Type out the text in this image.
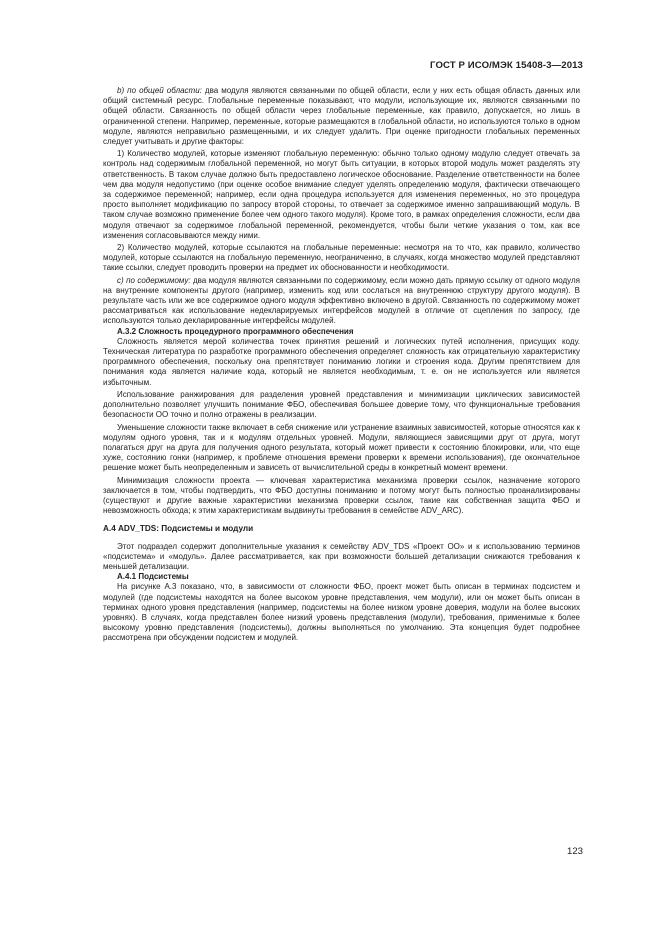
ГОСТ Р ИСО/МЭК 15408-3—2013

b) по общей области: два модуля являются связанными по общей области, если у них есть общая область данных или общий системный ресурс. Глобальные переменные показывают, что модули, использующие их, являются связанными по общей области. Связанность по общей области через глобальные переменные, как правило, допускается, но лишь в ограниченной степени. Например, переменные, которые размещаются в глобальной области, но используются только в одном модуле, являются неправильно размещенными, и их следует удалить. При оценке пригодности глобальных переменных следует учитывать и другие факторы:

1) Количество модулей, которые изменяют глобальную переменную: обычно только одному модулю следует отвечать за контроль над содержимым глобальной переменной, но могут быть ситуации, в которых второй модуль может разделять эту ответственность. В таком случае должно быть предоставлено логическое обоснование. Разделение ответственности на более чем два модуля недопустимо (при оценке особое внимание следует уделять определению модуля, фактически отвечающего за содержимое переменной; например, если одна процедура используется для изменения переменных, но это процедура просто выполняет модификацию по запросу второй стороны, то отвечает за содержимое именно запрашивающий модуль. В таком случае возможно применение более чем одного такого модуля). Кроме того, в рамках определения сложности, если два модуля отвечают за содержимое глобальной переменной, рекомендуется, чтобы были четкие указания о том, как все изменения согласовываются между ними.

2) Количество модулей, которые ссылаются на глобальные переменные: несмотря на то что, как правило, количество модулей, которые ссылаются на глобальную переменную, неограниченно, в случаях, когда множество модулей представляют такие ссылки, следует проводить проверки на предмет их обоснованности и необходимости.

c) по содержимому: два модуля являются связанными по содержимому, если можно дать прямую ссылку от одного модуля на внутренние компоненты другого (например, изменить код или сослаться на внутреннюю структуру другого модуля). В результате часть или же все содержимое одного модуля эффективно включено в другой. Связанность по содержимому может рассматриваться как использование недекларируемых интерфейсов модулей в отличие от сцепления по запросу, где используются только декларированные интерфейсы модулей.

А.3.2 Сложность процедурного программного обеспечения

Сложность является мерой количества точек принятия решений и логических путей исполнения, присущих коду. Техническая литература по разработке программного обеспечения определяет сложность как отрицательную характеристику программного обеспечения, поскольку она препятствует пониманию логики и строения кода. Другим препятствием для понимания кода является наличие кода, который не является необходимым, т. е. он не используется или является избыточным.

Использование ранжирования для разделения уровней представления и минимизации циклических зависимостей дополнительно позволяет улучшить понимание ФБО, обеспечивая большее доверие тому, что функциональные требования безопасности ОО точно и полно отражены в реализации.

Уменьшение сложности также включает в себя снижение или устранение взаимных зависимостей, которые относятся как к модулям одного уровня, так и к модулям отдельных уровней. Модули, являющиеся зависящими друг от друга, могут полагаться друг на друга для получения одного результата, который может привести к состоянию блокировки, или, что еще хуже, состоянию гонки (например, к проблеме отношения времени проверки к времени использования), где окончательное решение может быть неопределенным и зависеть от вычислительной среды в конкретный момент времени.

Минимизация сложности проекта — ключевая характеристика механизма проверки ссылок, назначение которого заключается в том, чтобы подтвердить, что ФБО доступны пониманию и потому могут быть полностью проанализированы (существуют и другие важные характеристики механизма проверки ссылок, такие как собственная защита ФБО и невозможность обхода; к этим характеристикам выдвинуты требования в семействе ADV_ARC).

А.4 ADV_TDS: Подсистемы и модули

Этот подраздел содержит дополнительные указания к семейству ADV_TDS «Проект ОО» и к использованию терминов «подсистема» и «модуль». Далее рассматривается, как при возможности большей детализации снижаются требования к меньшей детализации.

А.4.1 Подсистемы

На рисунке А.3 показано, что, в зависимости от сложности ФБО, проект может быть описан в терминах подсистем и модулей (где подсистемы находятся на более высоком уровне представления, чем модули), или он может быть описан в терминах одного уровня представления (например, подсистемы на более низком уровне доверия, модули на более высоких уровнях). В случаях, когда представлен более низкий уровень представления (модули), требования, применимые к более высокому уровню представления (подсистемы), должны выполняться по умолчанию. Эта концепция будет подробнее рассмотрена при обсуждении подсистем и модулей.

123
